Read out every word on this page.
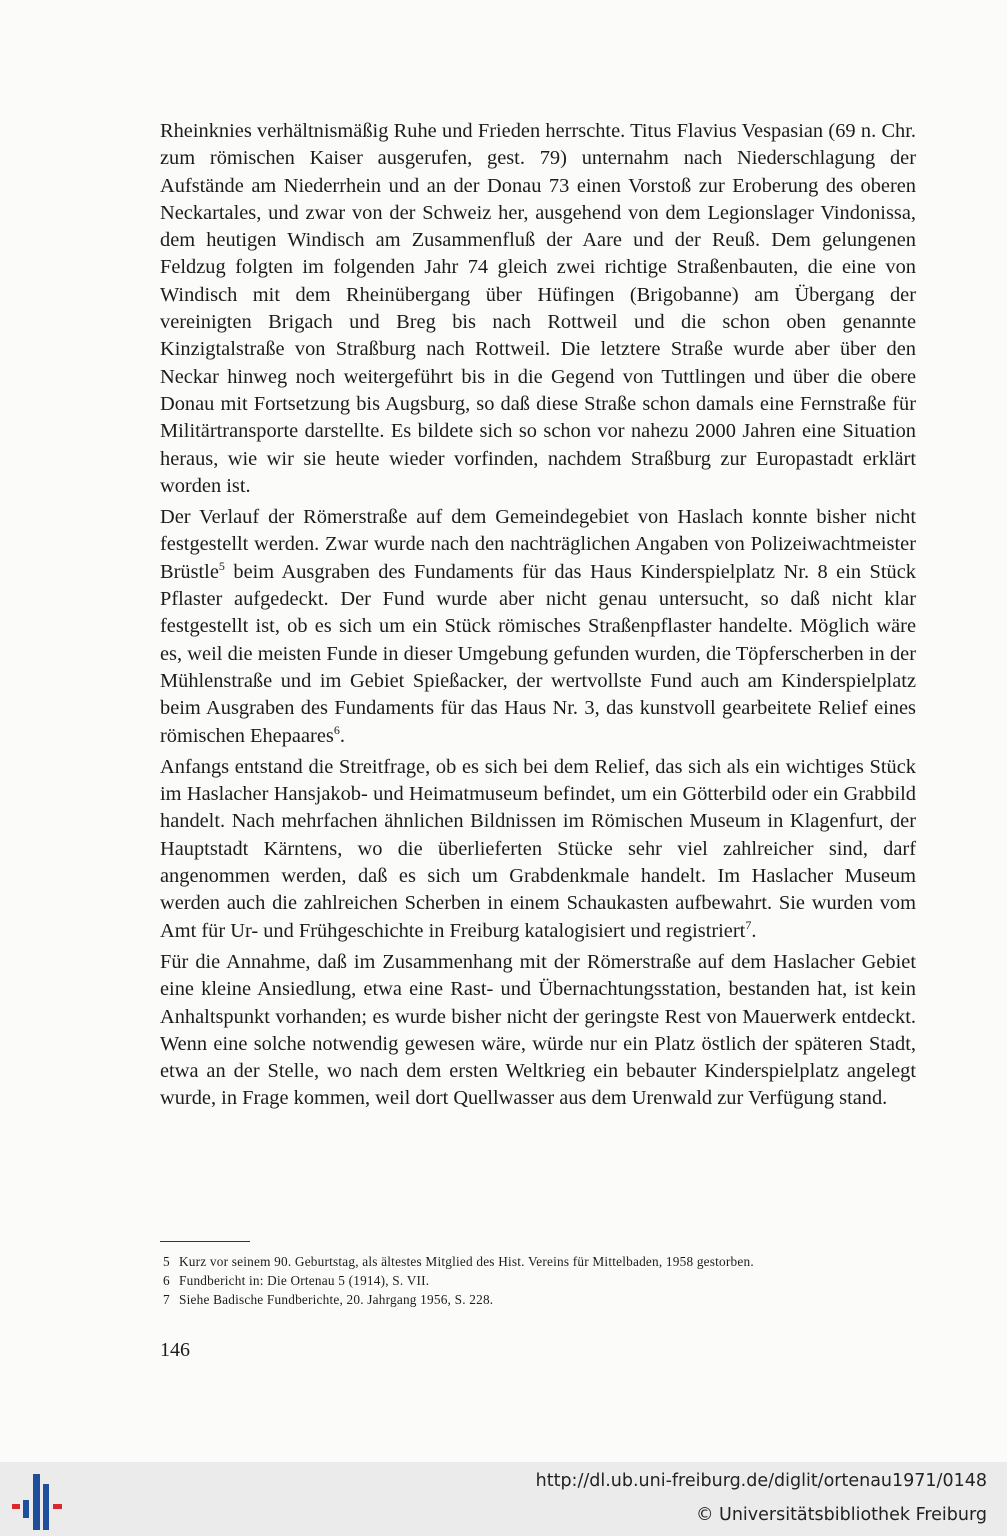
Rheinknies verhältnismäßig Ruhe und Frieden herrschte. Titus Flavius Vespasian (69 n. Chr. zum römischen Kaiser ausgerufen, gest. 79) unternahm nach Niederschlagung der Aufstände am Niederrhein und an der Donau 73 einen Vorstoß zur Eroberung des oberen Neckartales, und zwar von der Schweiz her, ausgehend von dem Legionslager Vindonissa, dem heutigen Windisch am Zusammenfluß der Aare und der Reuß. Dem gelungenen Feldzug folgten im folgenden Jahr 74 gleich zwei richtige Straßenbauten, die eine von Windisch mit dem Rheinübergang über Hüfingen (Brigobanne) am Übergang der vereinigten Brigach und Breg bis nach Rottweil und die schon oben genannte Kinzigtalstraße von Straßburg nach Rottweil. Die letztere Straße wurde aber über den Neckar hinweg noch weitergeführt bis in die Gegend von Tuttlingen und über die obere Donau mit Fortsetzung bis Augsburg, so daß diese Straße schon damals eine Fernstraße für Militärtransporte darstellte. Es bildete sich so schon vor nahezu 2000 Jahren eine Situation heraus, wie wir sie heute wieder vorfinden, nachdem Straßburg zur Europastadt erklärt worden ist.

Der Verlauf der Römerstraße auf dem Gemeindegebiet von Haslach konnte bisher nicht festgestellt werden. Zwar wurde nach den nachträglichen Angaben von Polizeiwachtmeister Brüstle$^5$ beim Ausgraben des Fundaments für das Haus Kinderspielplatz Nr. 8 ein Stück Pflaster aufgedeckt. Der Fund wurde aber nicht genau untersucht, so daß nicht klar festgestellt ist, ob es sich um ein Stück römisches Straßenpflaster handelte. Möglich wäre es, weil die meisten Funde in dieser Umgebung gefunden wurden, die Töpferscherben in der Mühlenstraße und im Gebiet Spießacker, der wertvollste Fund auch am Kinderspielplatz beim Ausgraben des Fundaments für das Haus Nr. 3, das kunstvoll gearbeitete Relief eines römischen Ehepaares$^6$.

Anfangs entstand die Streitfrage, ob es sich bei dem Relief, das sich als ein wichtiges Stück im Haslacher Hansjakob- und Heimatmuseum befindet, um ein Götterbild oder ein Grabbild handelt. Nach mehrfachen ähnlichen Bildnissen im Römischen Museum in Klagenfurt, der Hauptstadt Kärntens, wo die überlieferten Stücke sehr viel zahlreicher sind, darf angenommen werden, daß es sich um Grabdenkmale handelt. Im Haslacher Museum werden auch die zahlreichen Scherben in einem Schaukasten aufbewahrt. Sie wurden vom Amt für Ur- und Frühgeschichte in Freiburg katalogisiert und registriert$^7$.

Für die Annahme, daß im Zusammenhang mit der Römerstraße auf dem Haslacher Gebiet eine kleine Ansiedlung, etwa eine Rast- und Übernachtungsstation, bestanden hat, ist kein Anhaltspunkt vorhanden; es wurde bisher nicht der geringste Rest von Mauerwerk entdeckt. Wenn eine solche notwendig gewesen wäre, würde nur ein Platz östlich der späteren Stadt, etwa an der Stelle, wo nach dem ersten Weltkrieg ein bebauter Kinderspielplatz angelegt wurde, in Frage kommen, weil dort Quellwasser aus dem Urenwald zur Verfügung stand.

5 Kurz vor seinem 90. Geburtstag, als ältestes Mitglied des Hist. Vereins für Mittelbaden, 1958 gestorben.
6 Fundbericht in: Die Ortenau 5 (1914), S. VII.
7 Siehe Badische Fundberichte, 20. Jahrgang 1956, S. 228.
146
http://dl.ub.uni-freiburg.de/diglit/ortenau1971/0148
© Universitätsbibliothek Freiburg
